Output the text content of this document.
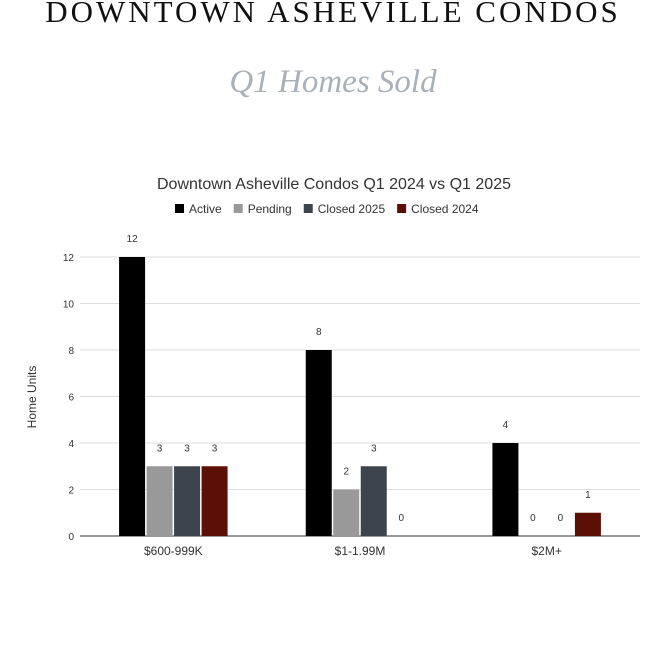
DOWNTOWN ASHEVILLE CONDOS
Q1 Homes Sold
Downtown Asheville Condos Q1 2024 vs Q1 2025
Active Pending Closed 2025 Closed 2024
0
2
4
6
8
10
12
12
3 3 3
8
2
3
0
4
0 0
1
$600-999K	$1-1.99M	$2M+
Home Units
